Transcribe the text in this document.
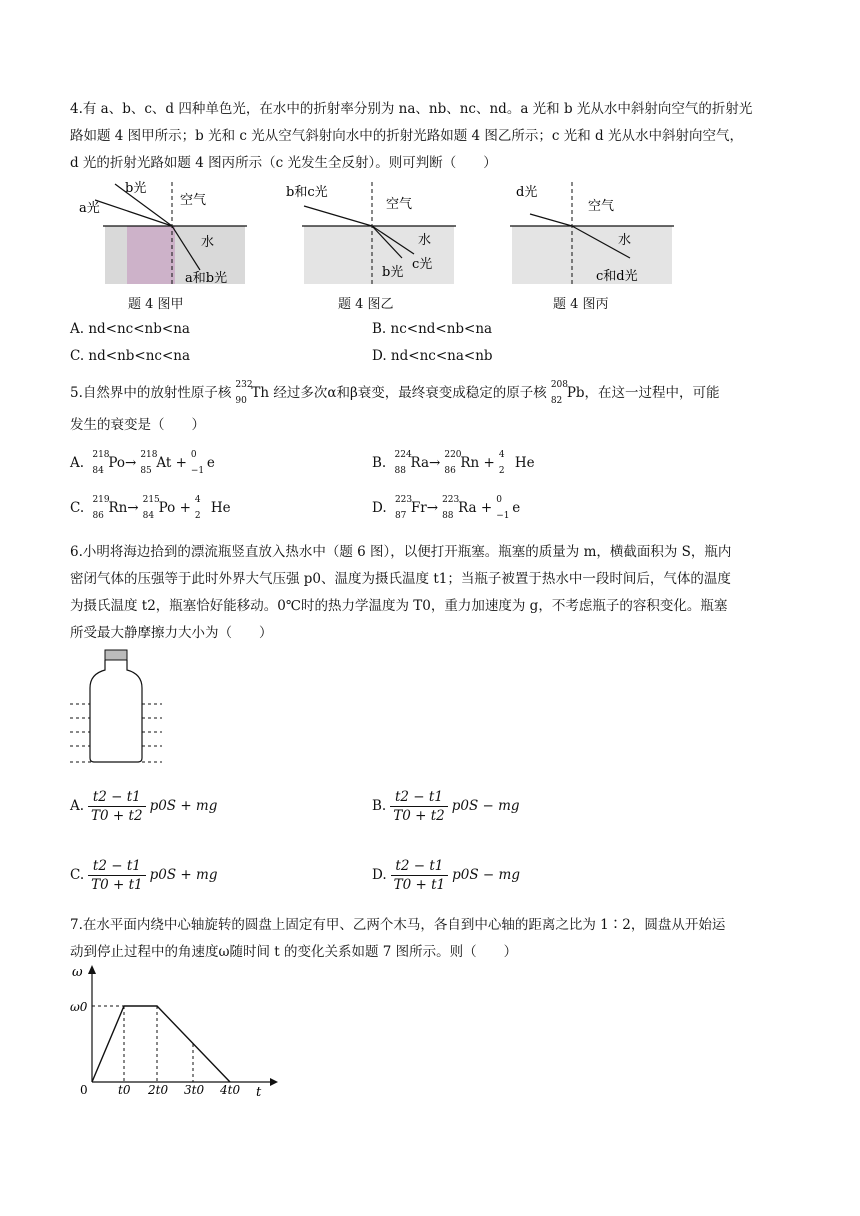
4.有 a、b、c、d 四种单色光，在水中的折射率分别为 na、nb、nc、nd。a 光和 b 光从水中斜射向空气的折射光
路如题 4 图甲所示；b 光和 c 光从空气斜射向水中的折射光路如题 4 图乙所示；c 光和 d 光从水中斜射向空气，
d 光的折射光路如题 4 图丙所示（c 光发生全反射）。则可判断（　　）
b光
a光
空气
水
a和b光
题 4 图甲
b和c光
空气
水
b光
c光
题 4 图乙
d光
空气
水
c和d光
题 4 图丙
A. nd<nc<nb<na	B. nc<nd<nb<na
C. nd<nb<nc<na	D. nd<nc<na<nb
5.自然界中的放射性原子核 232
90 Th 经过多次α和β衰变，最终衰变成稳定的原子核 208
82 Pb，在这一过程中，可能
发生的衰变是（　　）
A. 218
84 Po→ 218
85 At + 0
−1 e	B. 224
88 Ra→ 220
86 Rn + 4
2 He
C. 219
86 Rn→ 215
84 Po + 4
2 He	D. 223
87 Fr→ 223
88 Ra + 0
−1 e
6.小明将海边拾到的漂流瓶竖直放入热水中（题 6 图），以便打开瓶塞。瓶塞的质量为 m，横截面积为 S，瓶内
密闭气体的压强等于此时外界大气压强 p0、温度为摄氏温度 t1；当瓶子被置于热水中一段时间后，气体的温度
为摄氏温度 t2，瓶塞恰好能移动。0℃时的热力学温度为 T0，重力加速度为 g，不考虑瓶子的容积变化。瓶塞
所受最大静摩擦力大小为（　　）
A. $\frac{t2 - t1}{T0 + t2} p0S$ + mg	B. $\frac{t2 - t1}{T0 + t2} p0S$ − mg
C. $\frac{t2 - t1}{T0 + t1} p0S$ + mg	D. $\frac{t2 - t1}{T0 + t1} p0S$ − mg
7.在水平面内绕中心轴旋转的圆盘上固定有甲、乙两个木马，各自到中心轴的距离之比为 1∶2，圆盘从开始运
动到停止过程中的角速度ω随时间 t 的变化关系如题 7 图所示。则（　　）
ω
ω0
0	t0 2t0 3t0 4t0 t
